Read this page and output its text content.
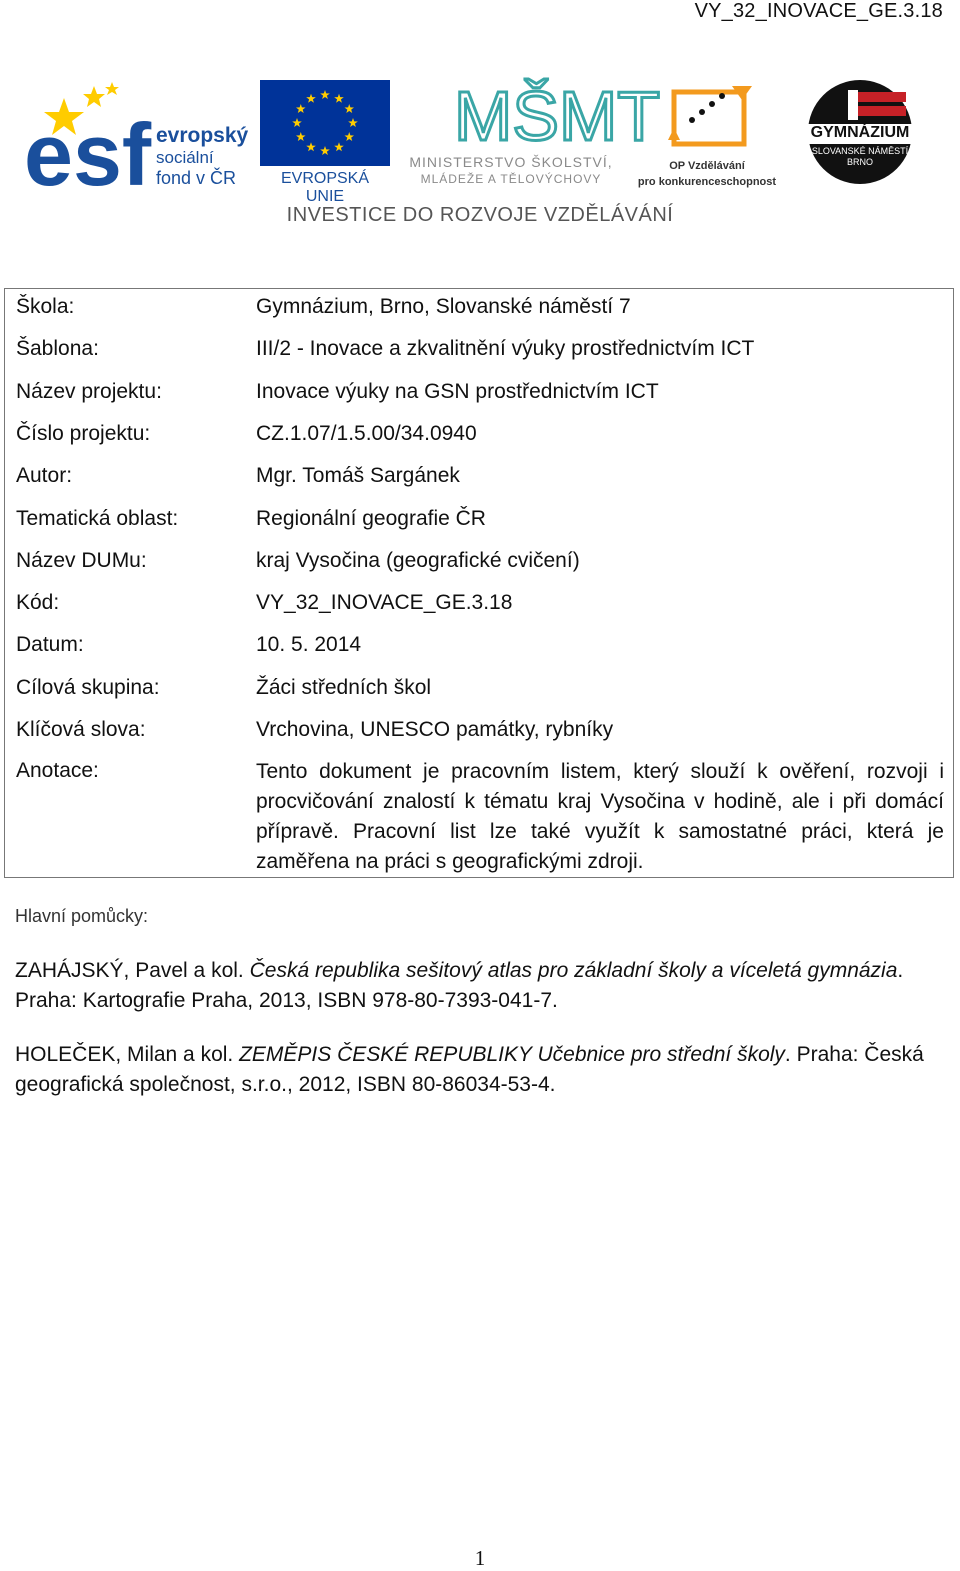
VY_32_INOVACE_GE.3.18
esf evropský
sociální
fond v ČR	EVROPSKÁ UNIE
MŠMT
MINISTERSTVO ŠKOLSTVÍ,
MLÁDEŽE A TĚLOVÝCHOVY
OP Vzdělávání
pro konkurenceschopnost
GYMNÁZIUM
SLOVANSKÉ NÁMĚSTÍ
BRNO
INVESTICE DO ROZVOJE VZDĚLÁVÁNÍ
Škola:	Gymnázium, Brno, Slovanské náměstí 7
Šablona:	III/2 - Inovace a zkvalitnění výuky prostřednictvím ICT
Název projektu:	Inovace výuky na GSN prostřednictvím ICT
Číslo projektu:	CZ.1.07/1.5.00/34.0940
Autor:	Mgr. Tomáš Sargánek
Tematická oblast:	Regionální geografie ČR
Název DUMu:	kraj Vysočina (geografické cvičení)
Kód:	VY_32_INOVACE_GE.3.18
Datum:	10. 5. 2014
Cílová skupina:	Žáci středních škol
Klíčová slova:	Vrchovina, UNESCO památky, rybníky
Anotace:	Tento dokument je pracovním listem, který slouží k ověření, rozvoji i procvičování znalostí k tématu kraj Vysočina v hodině, ale i při domácí přípravě. Pracovní list lze také využít k samostatné práci, která je zaměřena na práci s geografickými zdroji.
Hlavní pomůcky:
ZAHÁJSKÝ, Pavel a kol. Česká republika sešitový atlas pro základní školy a víceletá gymnázia. Praha: Kartografie Praha, 2013, ISBN 978-80-7393-041-7.
HOLEČEK, Milan a kol. ZEMĚPIS ČESKÉ REPUBLIKY Učebnice pro střední školy. Praha: Česká geografická společnost, s.r.o., 2012, ISBN 80-86034-53-4.
1
